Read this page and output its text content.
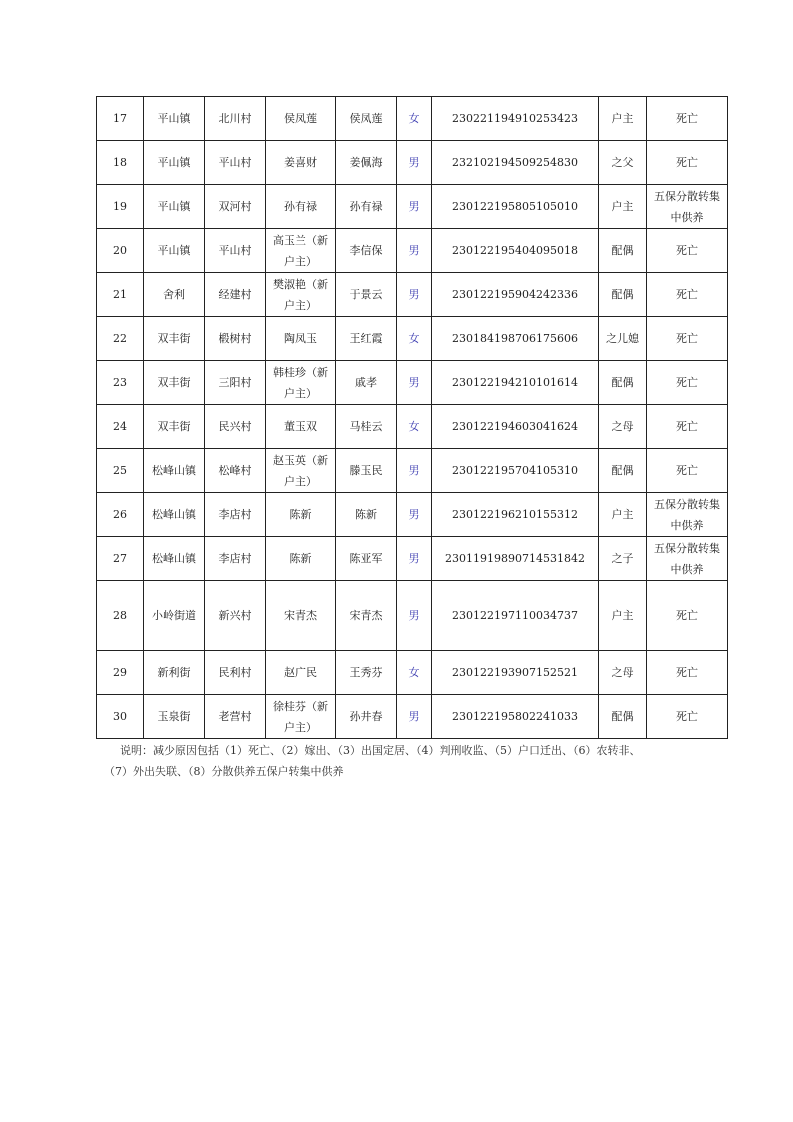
17	平山镇	北川村	侯凤莲	侯凤莲	女	230221194910253423	户主	死亡
18	平山镇	平山村	姜喜财	姜佩海	男	232102194509254830	之父	死亡
19	平山镇	双河村	孙有禄	孙有禄	男	230122195805105010	户主	五保分散转集中供养
20	平山镇	平山村	高玉兰（新户主）	李信保	男	230122195404095018	配偶	死亡
21	舍利	经建村	樊淑艳（新户主）	于景云	男	230122195904242336	配偶	死亡
22	双丰街	椴树村	陶凤玉	王红霞	女	230184198706175606	之儿媳	死亡
23	双丰街	三阳村	韩桂珍（新户主）	戚孝	男	230122194210101614	配偶	死亡
24	双丰街	民兴村	董玉双	马桂云	女	230122194603041624	之母	死亡
25	松峰山镇	松峰村	赵玉英（新户主）	滕玉民	男	230122195704105310	配偶	死亡
26	松峰山镇	李店村	陈新	陈新	男	230122196210155312	户主	五保分散转集中供养
27	松峰山镇	李店村	陈新	陈亚军	男	2301191989071453184​2	之子	五保分散转集中供养
28	小岭街道	新兴村	宋青杰	宋青杰	男	230122197110034737	户主	死亡
29	新利街	民利村	赵广民	王秀芬	女	230122193907152521	之母	死亡
30	玉泉街	老营村	徐桂芬（新户主）	孙井春	男	230122195802241033	配偶	死亡

说明：减少原因包括（1）死亡、（2）嫁出、（3）出国定居、（4）判刑收监、（5）户口迁出、（6）农转非、

（7）外出失联、（8）分散供养五保户转集中供养
